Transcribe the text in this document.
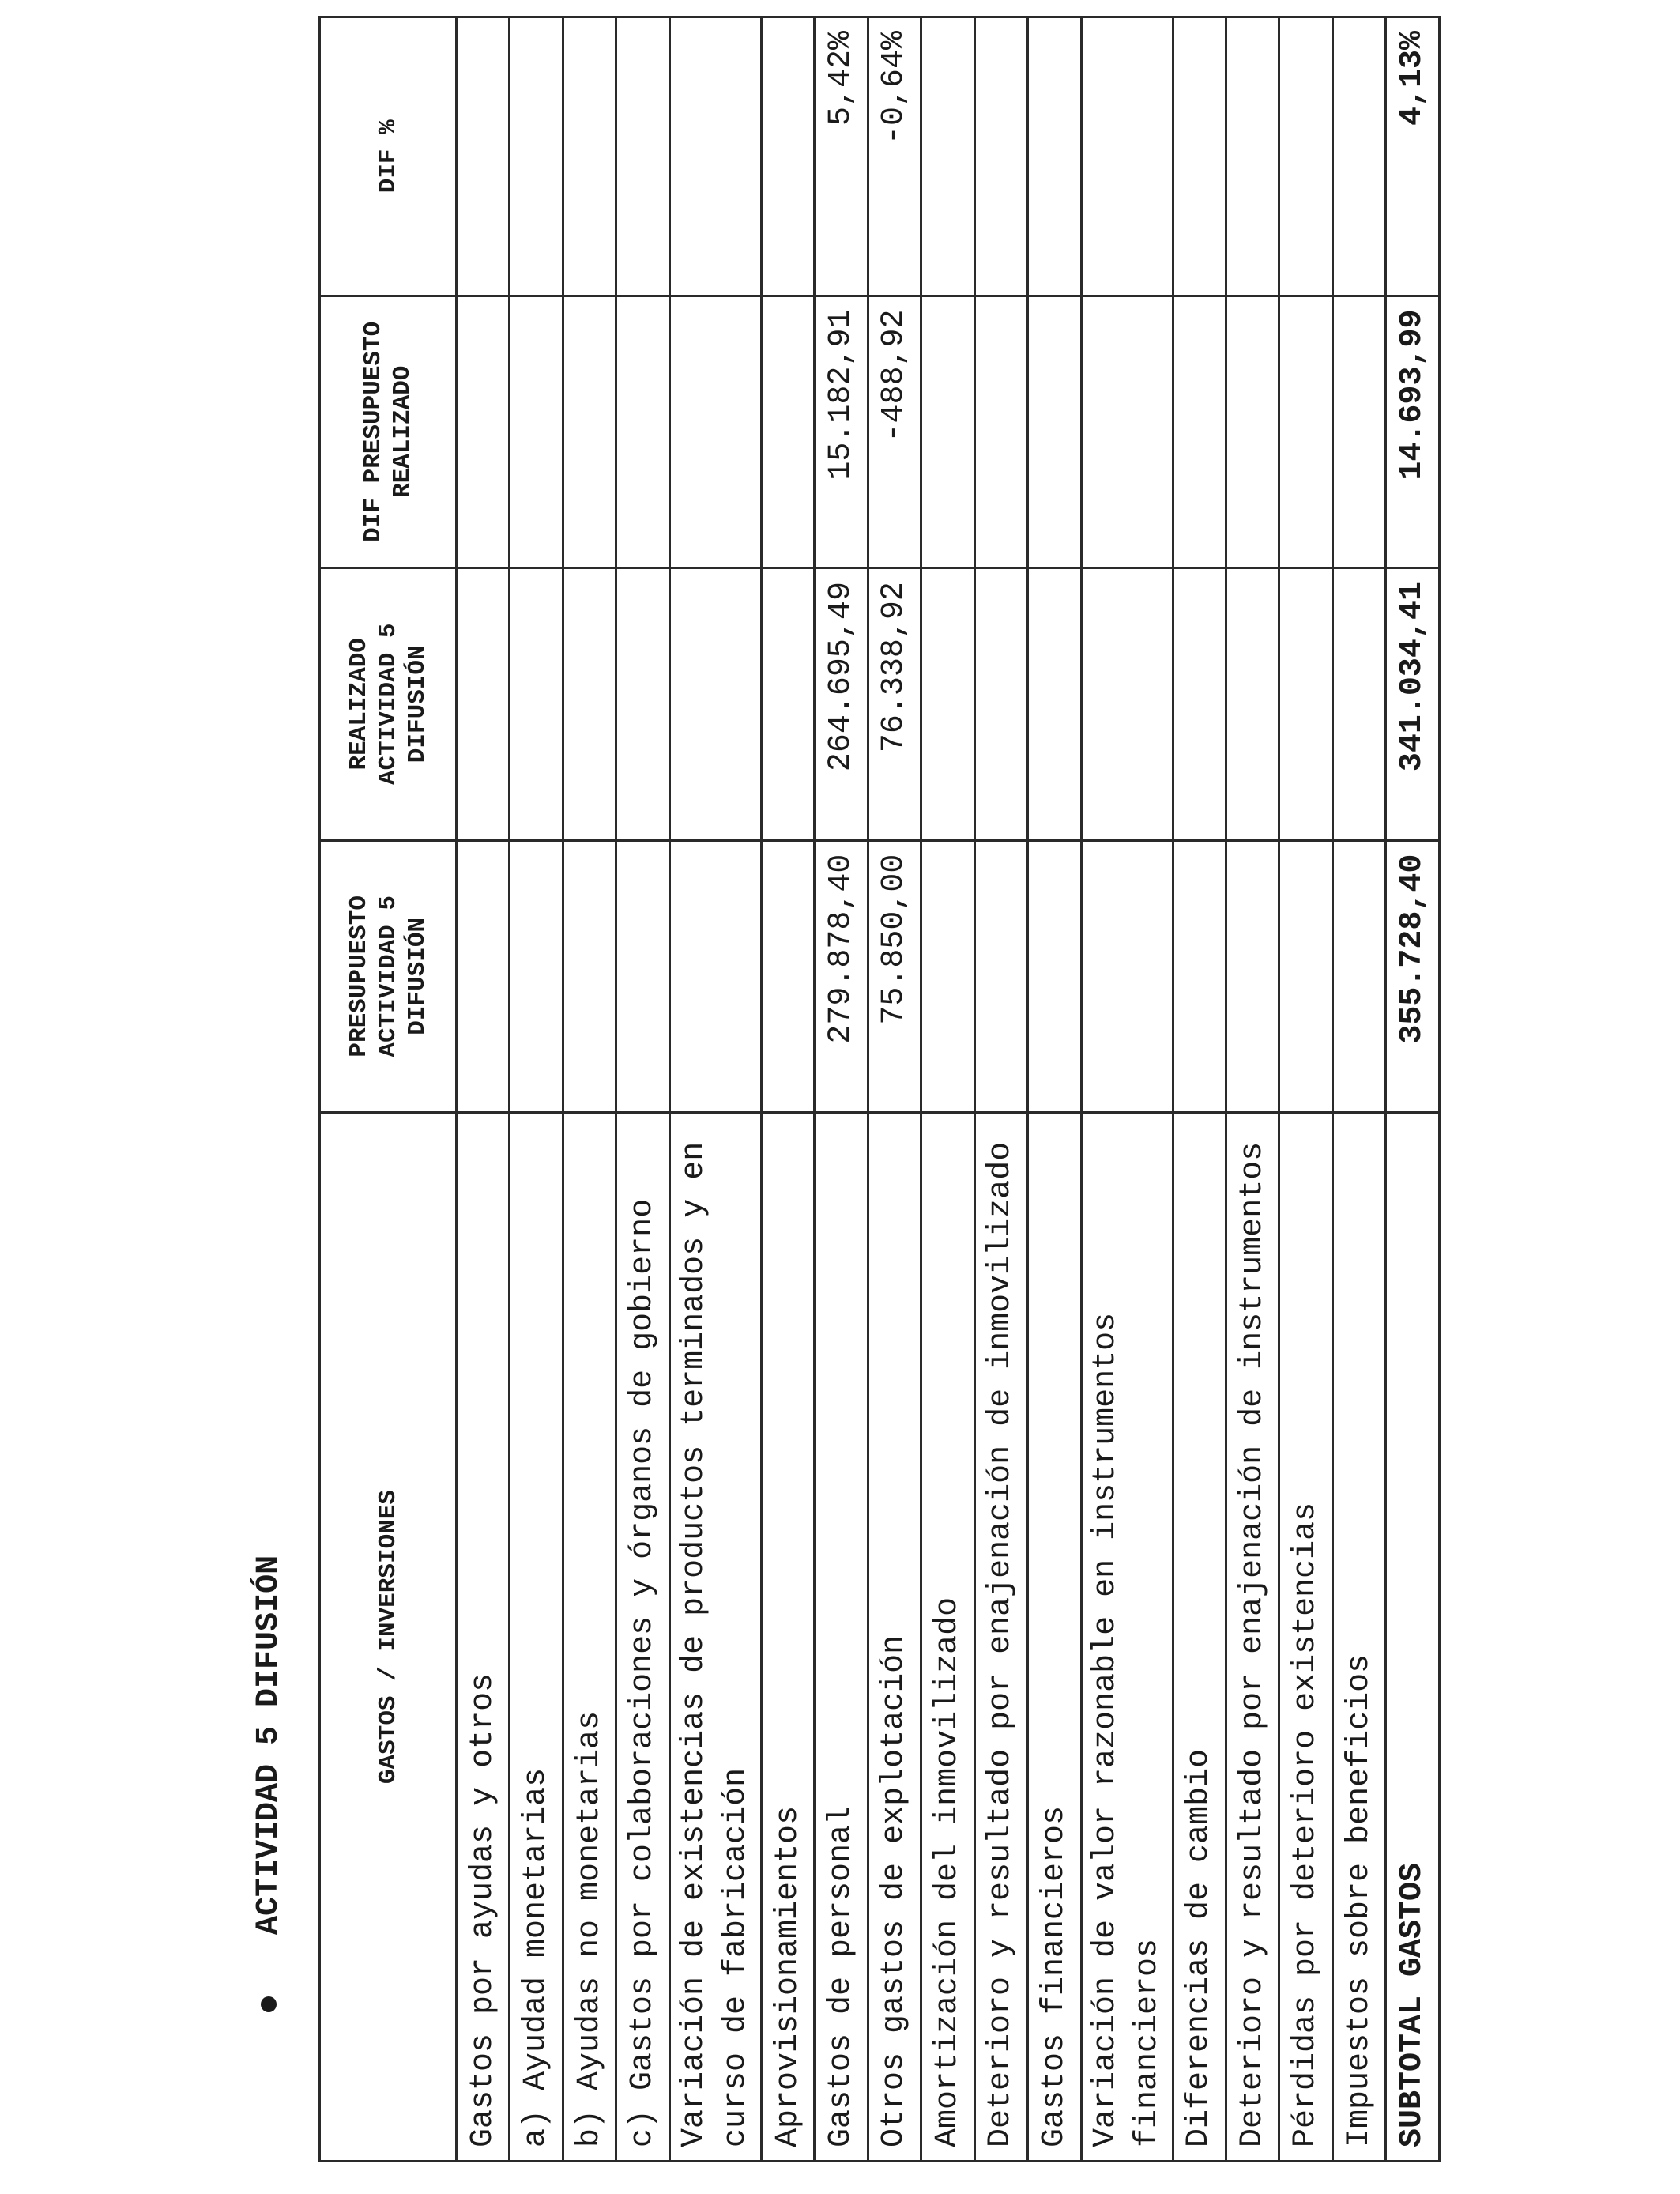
ACTIVIDAD 5 DIFUSIÓN	GASTOS / INVERSIONES	PRESUPUESTO ACTIVIDAD 5 DIFUSIÓN	REALIZADO ACTIVIDAD 5 DIFUSIÓN	DIF PRESUPUESTO REALIZADO	DIF %
Gastos por ayudas y otros				
a) Ayudad monetarias				
b) Ayudas no monetarias				
c) Gastos por colaboraciones y órganos de gobierno				
Variación de existencias de productos terminados y en curso de fabricación				
Aprovisionamientos				
Gastos de personal	279.878,40	264.695,49	15.182,91	5,42%
Otros gastos de explotación	75.850,00	76.338,92	-488,92	-0,64%
Amortización del inmovilizado				
Deterioro y resultado por enajenación de inmovilizado				
Gastos financieros				
Variación de valor razonable en instrumentos financieros				
Diferencias de cambio				
Deterioro y resultado por enajenación de instrumentos				
Pérdidas por deterioro existencias				
Impuestos sobre beneficios				
SUBTOTAL GASTOS	355.728,40	341.034,41	14.693,99	4,13%
